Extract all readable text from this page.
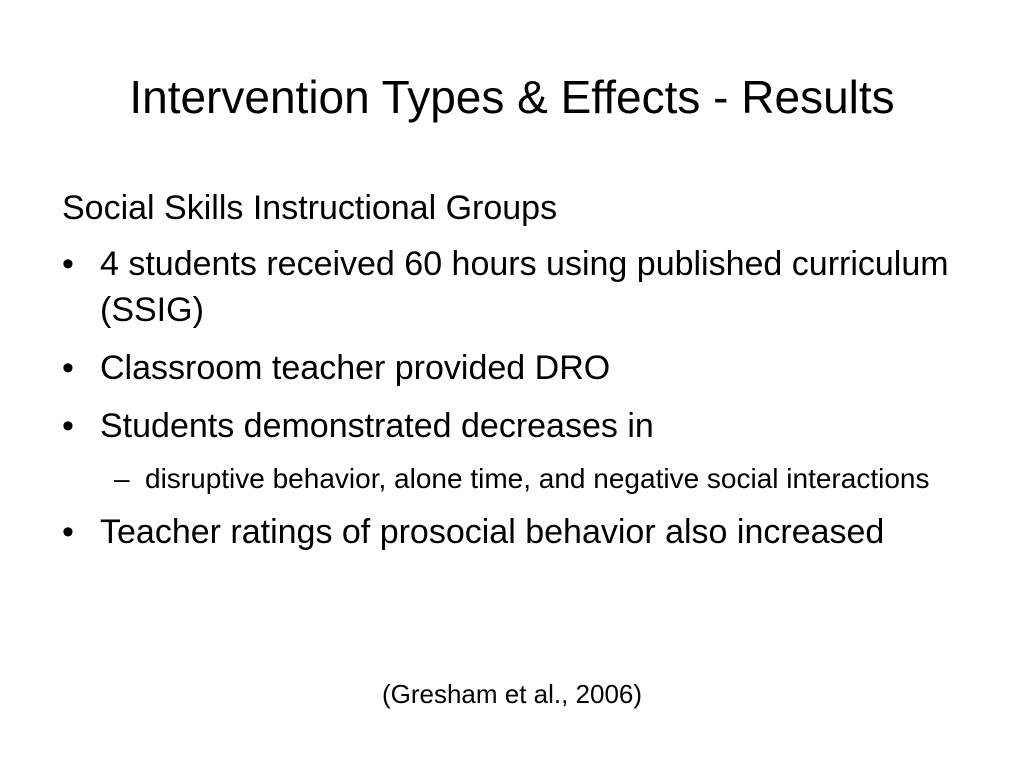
Intervention Types & Effects - Results
Social Skills Instructional Groups
• 4 students received 60 hours using published curriculum (SSIG)
• Classroom teacher provided DRO
• Students demonstrated decreases in
– disruptive behavior, alone time, and negative social interactions
• Teacher ratings of prosocial behavior also increased
(Gresham et al., 2006)
